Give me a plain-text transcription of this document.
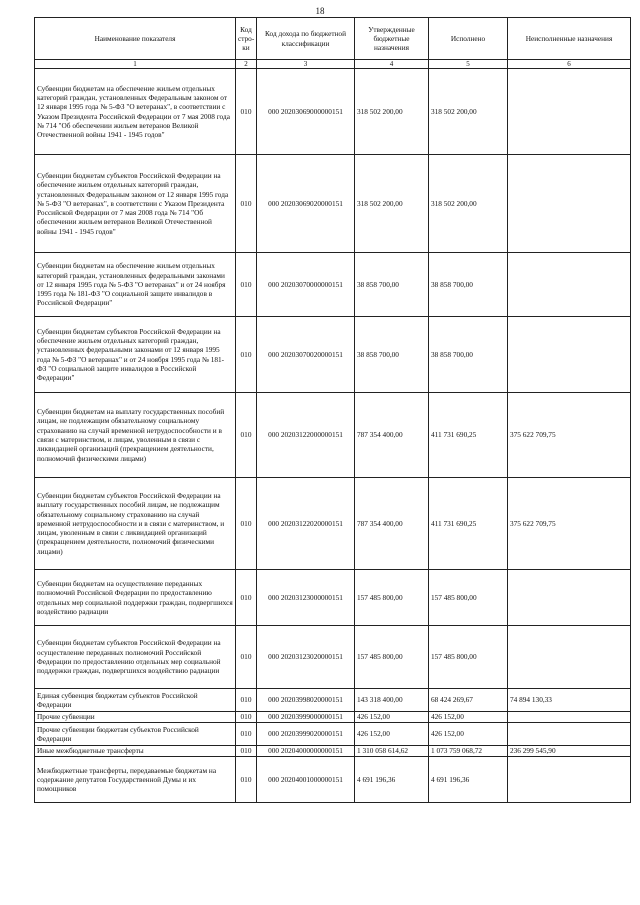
18
Наименование показателя	Код стро-ки	Код дохода по бюджетной классификации	Утвержденные бюджетные назначения	Исполнено	Неисполненные назначения
1	2	3	4	5	6
Субвенции бюджетам на обеспечение жильем отдельных категорий граждан, установленных Федеральным законом от 12 января 1995 года № 5-ФЗ "О ветеранах", в соответствии с Указом Президента Российской Федерации от 7 мая 2008 года № 714 "Об обеспечении жильем ветеранов Великой Отечественной войны 1941 - 1945 годов"	010	000 20203069000000151	318 502 200,00	318 502 200,00	
Субвенции бюджетам субъектов Российской Федерации на обеспечение жильем отдельных категорий граждан, установленных Федеральным законом от 12 января 1995 года № 5-ФЗ "О ветеранах", в соответствии с Указом Президента Российской Федерации от 7 мая 2008 года № 714 "Об обеспечении жильем ветеранов Великой Отечественной войны 1941 - 1945 годов"	010	000 20203069020000151	318 502 200,00	318 502 200,00	
Субвенции бюджетам на обеспечение жильем отдельных категорий граждан, установленных федеральными законами от 12 января 1995 года № 5-ФЗ "О ветеранах" и от 24 ноября 1995 года № 181-ФЗ "О социальной защите инвалидов в Российской Федерации"	010	000 20203070000000151	38 858 700,00	38 858 700,00	
Субвенции бюджетам субъектов Российской Федерации на обеспечение жильем отдельных категорий граждан, установленных федеральными законами от 12 января 1995 года № 5-ФЗ "О ветеранах" и от 24 ноября 1995 года № 181-ФЗ "О социальной защите инвалидов в Российской Федерации"	010	000 20203070020000151	38 858 700,00	38 858 700,00	
Субвенции бюджетам на выплату государственных пособий лицам, не подлежащим обязательному социальному страхованию на случай временной нетрудоспособности и в связи с материнством, и лицам, уволенным в связи с ликвидацией организаций (прекращением деятельности, полномочий физическими лицами)	010	000 20203122000000151	787 354 400,00	411 731 690,25	375 622 709,75
Субвенции бюджетам субъектов Российской Федерации на выплату государственных пособий лицам, не подлежащим обязательному социальному страхованию на случай временной нетрудоспособности и в связи с материнством, и лицам, уволенным в связи с ликвидацией организаций (прекращением деятельности, полномочий физическими лицами)	010	000 20203122020000151	787 354 400,00	411 731 690,25	375 622 709,75
Субвенции бюджетам на осуществление переданных полномочий Российской Федерации по предоставлению отдельных мер социальной поддержки граждан, подвергшихся воздействию радиации	010	000 20203123000000151	157 485 800,00	157 485 800,00	
Субвенции бюджетам субъектов Российской Федерации на осуществление переданных полномочий Российской Федерации по предоставлению отдельных мер социальной поддержки граждан, подвергшихся воздействию радиации	010	000 20203123020000151	157 485 800,00	157 485 800,00	
Единая субвенция бюджетам субъектов Российской Федерации	010	000 20203998020000151	143 318 400,00	68 424 269,67	74 894 130,33
Прочие субвенции	010	000 20203999000000151	426 152,00	426 152,00	
Прочие субвенции бюджетам субъектов Российской Федерации	010	000 20203999020000151	426 152,00	426 152,00	
Иные межбюджетные трансферты	010	000 20204000000000151	1 310 058 614,62	1 073 759 068,72	236 299 545,90
Межбюджетные трансферты, передаваемые бюджетам на содержание депутатов Государственной Думы и их помощников	010	000 20204001000000151	4 691 196,36	4 691 196,36	
